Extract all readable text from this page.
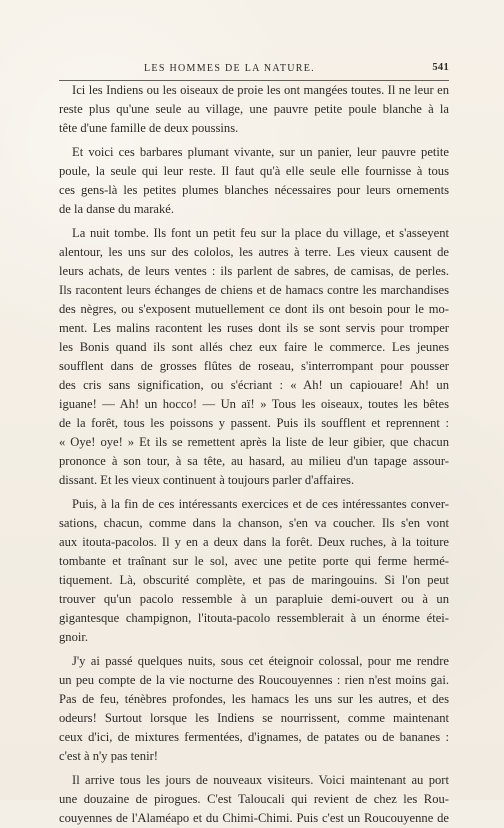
LES HOMMES DE LA NATURE.	541
Ici les Indiens ou les oiseaux de proie les ont mangées toutes. Il ne leur en
reste plus qu'une seule au village, une pauvre petite poule blanche à la
tête d'une famille de deux poussins.
Et voici ces barbares plumant vivante, sur un panier, leur pauvre petite
poule, la seule qui leur reste. Il faut qu'à elle seule elle fournisse à tous
ces gens-là les petites plumes blanches nécessaires pour leurs ornements
de la danse du maraké.
La nuit tombe. Ils font un petit feu sur la place du village, et s'asseyent
alentour, les uns sur des cololos, les autres à terre. Les vieux causent de
leurs achats, de leurs ventes : ils parlent de sabres, de camisas, de perles.
Ils racontent leurs échanges de chiens et de hamacs contre les marchandises
des nègres, ou s'exposent mutuellement ce dont ils ont besoin pour le mo-
ment. Les malins racontent les ruses dont ils se sont servis pour tromper
les Bonis quand ils sont allés chez eux faire le commerce. Les jeunes
soufflent dans de grosses flûtes de roseau, s'interrompant pour pousser
des cris sans signification, ou s'écriant : « Ah! un capiouare! Ah! un
iguane! — Ah! un hocco! — Un aï! » Tous les oiseaux, toutes les bêtes
de la forêt, tous les poissons y passent. Puis ils soufflent et reprennent :
« Oye! oye! » Et ils se remettent après la liste de leur gibier, que chacun
prononce à son tour, à sa tête, au hasard, au milieu d'un tapage assour-
dissant. Et les vieux continuent à toujours parler d'affaires.
Puis, à la fin de ces intéressants exercices et de ces intéressantes conver-
sations, chacun, comme dans la chanson, s'en va coucher. Ils s'en vont
aux itouta-pacolos. Il y en a deux dans la forêt. Deux ruches, à la toiture
tombante et traînant sur le sol, avec une petite porte qui ferme hermé-
tiquement. Là, obscurité complète, et pas de maringouins. Si l'on peut
trouver qu'un pacolo ressemble à un parapluie demi-ouvert ou à un
gigantesque champignon, l'itouta-pacolo ressemblerait à un énorme étei-
gnoir.
J'y ai passé quelques nuits, sous cet éteignoir colossal, pour me rendre
un peu compte de la vie nocturne des Roucouyennes : rien n'est moins gai.
Pas de feu, ténèbres profondes, les hamacs les uns sur les autres, et des
odeurs! Surtout lorsque les Indiens se nourrissent, comme maintenant
ceux d'ici, de mixtures fermentées, d'ignames, de patates ou de bananes :
c'est à n'y pas tenir!
Il arrive tous les jours de nouveaux visiteurs. Voici maintenant au port
une douzaine de pirogues. C'est Taloucali qui revient de chez les Rou-
couyennes de l'Alaméapo et du Chimi-Chimi. Puis c'est un Roucouyenne de
